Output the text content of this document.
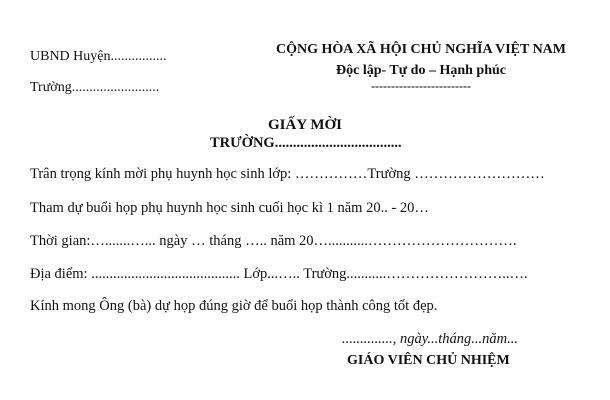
UBND Huyện................
Trường.........................
CỘNG HÒA XÃ HỘI CHỦ NGHĨA VIỆT NAM
Độc lập- Tự do – Hạnh phúc
-------------------------
GIẤY MỜI
TRƯỜNG...................................
Trân trọng kính mời phụ huynh học sinh lớp: ……………Trường ………………………
Tham dự buổi họp phụ huynh học sinh cuối học kì 1 năm 20.. - 20…
Thời gian:….......…... ngày … tháng ….. năm 20…...........………………………….
Địa điểm: ......................................... Lớp...….. Trường...........……………………..….
Kính mong Ông (bà) dự họp đúng giờ để buổi họp thành công tốt đẹp.
.............., ngày...tháng...năm...
GIÁO VIÊN CHỦ NHIỆM
